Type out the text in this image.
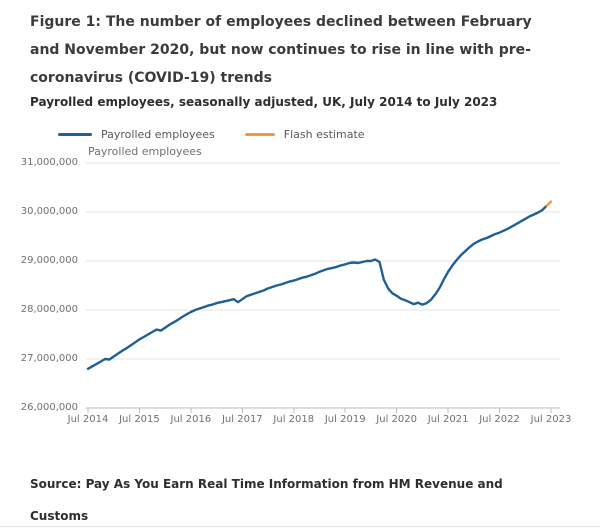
Figure 1: The number of employees declined between February
and November 2020, but now continues to rise in line with pre-
coronavirus (COVID-19) trends
Payrolled employees, seasonally adjusted, UK, July 2014 to July 2023
Payrolled employees	Flash estimate
Payrolled employees
31,000,000
30,000,000
29,000,000
28,000,000
27,000,000
26,000,000
Jul 2014	Jul 2015	Jul 2016	Jul 2017	Jul 2018	Jul 2019	Jul 2020	Jul 2021	Jul 2022	Jul 2023
Source: Pay As You Earn Real Time Information from HM Revenue and
Customs
